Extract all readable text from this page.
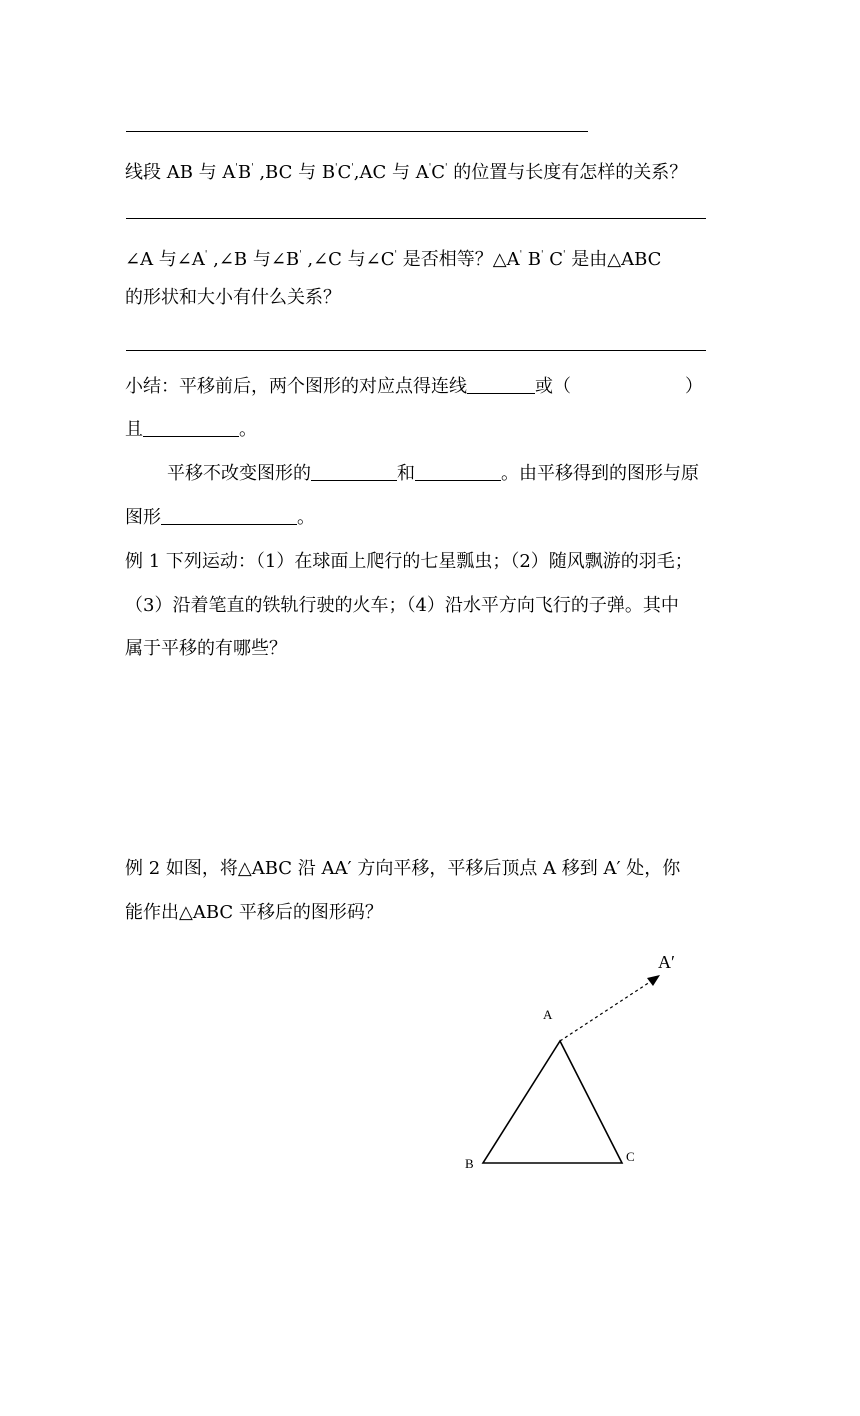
线段 AB 与 A'B' ,BC 与 B'C',AC 与 A'C' 的位置与长度有怎样的关系？
∠A 与∠A' ,∠B 与∠B' ,∠C 与∠C' 是否相等？△A' B' C' 是由△ABC
的形状和大小有什么关系？
小结：平移前后，两个图形的对应点得连线	或（	）
且	。
平移不改变图形的	和	。由平移得到的图形与原
图形	。
例 1 下列运动：（1）在球面上爬行的七星瓢虫；（2）随风飘游的羽毛；
（3）沿着笔直的铁轨行驶的火车；（4）沿水平方向飞行的子弹。其中
属于平移的有哪些？
例 2 如图，将△ABC 沿 AA′ 方向平移，平移后顶点 A 移到 A′ 处，你
能作出△ABC 平移后的图形码？
A
B	C
A′
